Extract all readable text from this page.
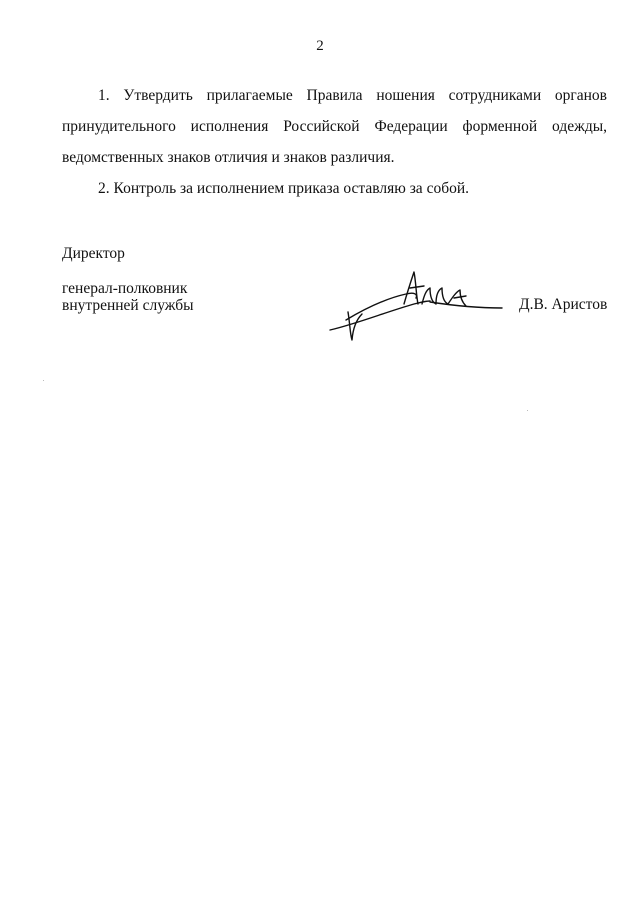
2
1. Утвердить прилагаемые Правила ношения сотрудниками органов
принудительного исполнения Российской Федерации форменной одежды,
ведомственных знаков отличия и знаков различия.

2. Контроль за исполнением приказа оставляю за собой.

Директор
генерал-полковник
внутренней службы	Д.В. Аристов
